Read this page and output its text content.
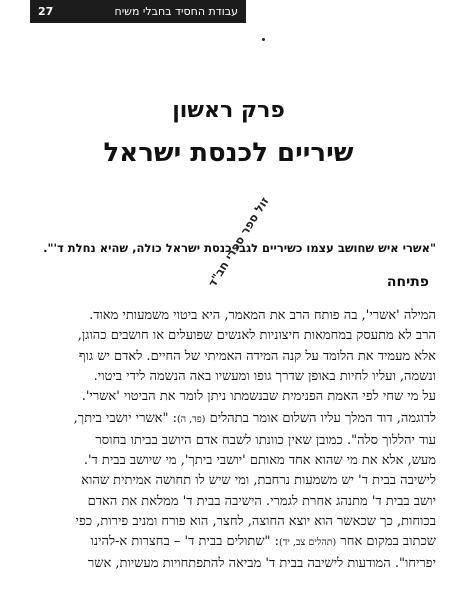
27	עבודת החסיד בחבלי משיח
פרק ראשון
שיריים לכנסת ישראל
"אשרי איש שחושב עצמו כשיריים לגבי כנסת ישראל כולה, שהיא נחלת ד'".
פתיחה
זול ספר ספרי חב"ד

המילה 'אשרי', בה פותח הרב את המאמר, היא ביטוי משמעותי מאוד.
הרב לא מתעסק במחמאות חיצוניות לאנשים שפועלים או חושבים כהוגן,
אלא מעמיד את הלומד על קנה המידה האמיתי של החיים. לאדם יש גוף
ונשמה, ועליו לחיות באופן שדרך גופו ומעשיו באה הנשמה לידי ביטוי.
על מי שחי לפי האמת הפנימית שבנשמתו ניתן לומר את הביטוי 'אשרי'.

לדוגמה, דוד המלך עליו השלום אומר בתהלים (פד, ה): "אשרי יושבי ביתך,
עוד יהללוך סלה". כמובן שאין כוונתו לשבח אדם היושב בביתו בחוסר
מעש, אלא את מי שהוא אחד מאותם 'יושבי ביתך', מי שיושב בבית ד'.
לישיבה בבית ד' יש משמעות נרחבת, ומי שיש לו תחושה אמיתית שהוא
יושב בבית ד' מתנהג אחרת לגמרי. הישיבה בבית ד' ממלאת את האדם
בכוחות, כך שכאשר הוא יוצא החוצה, לחצר, הוא פורח ומניב פירות, כפי
שכתוב במקום אחר (תהלים צב, יד): "שתולים בבית ד' – בחצרות א-להינו
יפריחו". המודעות לישיבה בבית ד' מביאה להתפתחויות מעשיות, אשר
